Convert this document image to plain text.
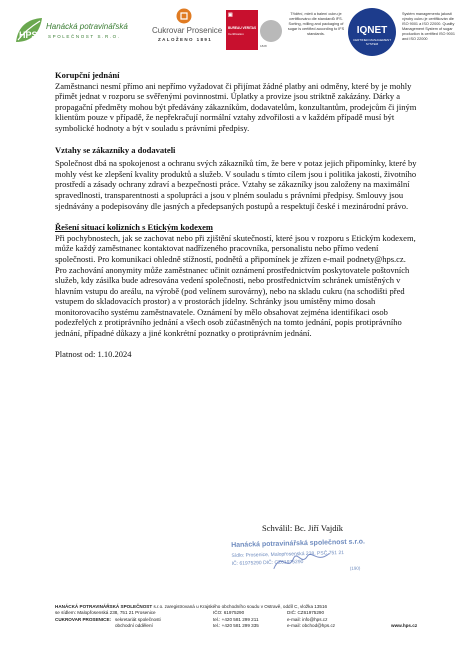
HPS
Hanácká potravinářská
SPOLEČNOST S.R.O.
Cukrovar Prosenice
ZALOŽENO 1891
▣
BUREAU VERITAS
Certification
1828
Třídění, mletí a balení cukru je certifikováno dle standardů IFS. Sorting, milling and packaging of sugar is certified according to IFS standards.	IQNET
CERTIFIED MANAGEMENT SYSTEM
Systém managementu jakosti výroby cukru je certifikován dle ISO 9001 a ISO 22000. Quality Management System of sugar production is certified ISO 9001 and ISO 22000
Korupční jednání

Zaměstnanci nesmí přímo ani nepřímo vyžadovat či přijímat žádné platby ani odměny, které by je mohly přimět jednat v rozporu se svěřenými povinnostmi. Úplatky a provize jsou striktně zakázány. Dárky a propagační předměty mohou být předávány zákazníkům, dodavatelům, konzultantům, prodejcům či jiným klientům pouze v případě, že nepřekračují normální vztahy zdvořilosti a v každém případě musí být symbolické hodnoty a být v souladu s právními předpisy.

Vztahy se zákazníky a dodavateli

Společnost dbá na spokojenost a ochranu svých zákazníků tím, že bere v potaz jejich připomínky, které by mohly vést ke zlepšení kvality produktů a služeb. V souladu s tímto cílem jsou i politika jakosti, životního prostředí a zásady ochrany zdraví a bezpečnosti práce. Vztahy se zákazníky jsou založeny na maximální spravedlnosti, transparentnosti a spolupráci a jsou v plném souladu s právními předpisy. Smlouvy jsou sjednávány a podepisovány dle jasných a předepsaných postupů a respektují české i mezinárodní právo.

Řešení situací kolizních s Etickým kodexem

Při pochybnostech, jak se zachovat nebo při zjištění skutečností, které jsou v rozporu s Etickým kodexem, může každý zaměstnanec kontaktovat nadřízeného pracovníka, personalistu nebo přímo vedení společnosti. Pro komunikaci ohledně stížností, podnětů a připomínek je zřízen e-mail podnety@hps.cz. Pro zachování anonymity může zaměstnanec učinit oznámení prostřednictvím poskytovatele poštovních služeb, kdy zásilka bude adresována vedení společnosti, nebo prostřednictvím schránek umístěných v hlavním vstupu do areálu, na výrobě (pod velínem surovárny), nebo na skladu cukru (na schodišti před vstupem do skladovacích prostor) a v prostorách jídelny. Schránky jsou umístěny mimo dosah monitorovacího systému zaměstnavatele. Oznámení by mělo obsahovat zejména identifikaci osob podezřelých z protiprávního jednání a všech osob zúčastněných na tomto jednání, popis protiprávního jednání, případné důkazy a jiné konkrétní poznatky o protiprávním jednání.

Platnost od: 1.10.2024

Schválil: Bc. Jiří Vajdík
Hanácká potravinářská společnost s.r.o.
Sídlo: Prosenice, Malopřosenská 238, PSČ 751 21
IČ: 61975290 DIČ: CZ61975290
(190)
HANÁCKÁ POTRAVINÁŘSKÁ SPOLEČNOST s.r.o. zaregistrovaná u Krajského obchodního soudu v Ostravě, oddíl C, vložka 13516
se sídlem: Malopřosenská 238, 751 21 Prosenice	IČO: 61975290	DIČ: CZ61975290
CUKROVAR PROSENICE: sekretariát společnosti	tel.: +420 581 299 211	e-mail: info@hps.cz
obchodní oddělení	tel.: +420 581 299 335	e-mail: obchod@hps.cz	www.hps.cz
